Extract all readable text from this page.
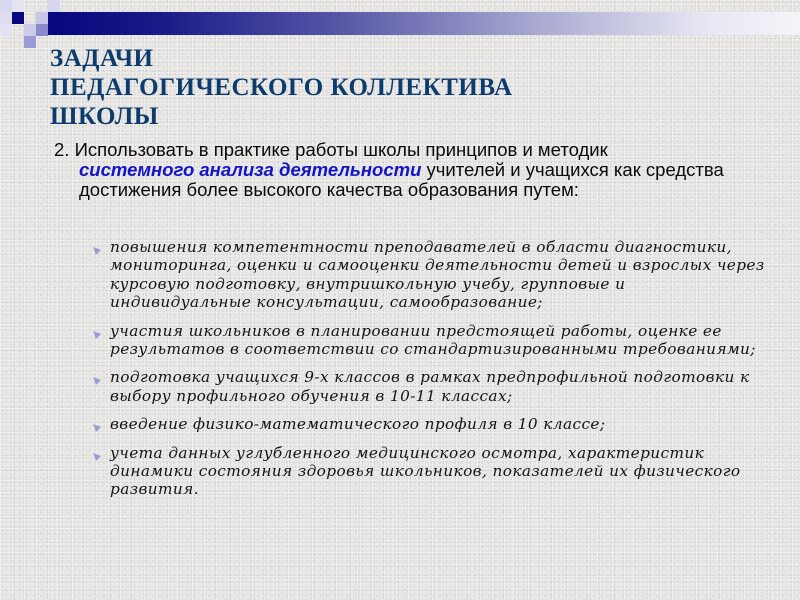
ЗАДАЧИ
ПЕДАГОГИЧЕСКОГО КОЛЛЕКТИВА
ШКОЛЫ

2. Использовать в практике работы школы принципов и методик
системного анализа деятельности учителей и учащихся как средства достижения более высокого качества образования путем:

повышения компетентности преподавателей в области диагностики, мониторинга, оценки и самооценки деятельности детей и взрослых через курсовую подготовку, внутришкольную учебу, групповые и индивидуальные консультации, самообразование;
участия школьников в планировании предстоящей работы, оценке ее результатов в соответствии со стандартизированными требованиями;
подготовка учащихся 9-х классов в рамках предпрофильной подготовки к выбору профильного обучения в 10-11 классах;
введение физико-математического профиля в 10 классе;
учета данных углубленного медицинского осмотра, характеристик динамики состояния здоровья школьников, показателей их физического развития.
